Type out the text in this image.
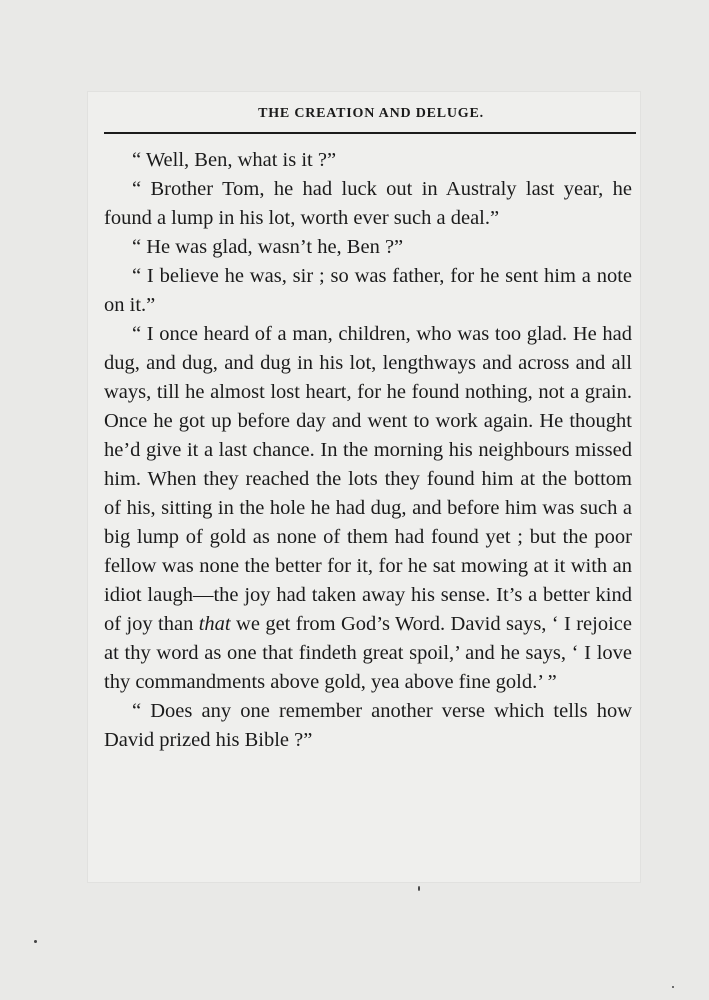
THE CREATION AND DELUGE.

“ Well, Ben, what is it ?”

“ Brother Tom, he had luck out in Australy last year, he found a lump in his lot, worth ever such a deal.”

“ He was glad, wasn’t he, Ben ?”

“ I believe he was, sir ; so was father, for he sent him a note on it.”

“ I once heard of a man, children, who was too glad. He had dug, and dug, and dug in his lot, lengthways and across and all ways, till he almost lost heart, for he found nothing, not a grain. Once he got up before day and went to work again. He thought he’d give it a last chance. In the morning his neighbours missed him. When they reached the lots they found him at the bottom of his, sitting in the hole he had dug, and before him was such a big lump of gold as none of them had found yet ; but the poor fellow was none the better for it, for he sat mowing at it with an idiot laugh—the joy had taken away his sense. It’s a better kind of joy than that we get from God’s Word. David says, ‘ I rejoice at thy word as one that findeth great spoil,’ and he says, ‘ I love thy commandments above gold, yea above fine gold.’ ”

“ Does any one remember another verse which tells how David prized his Bible ?”
